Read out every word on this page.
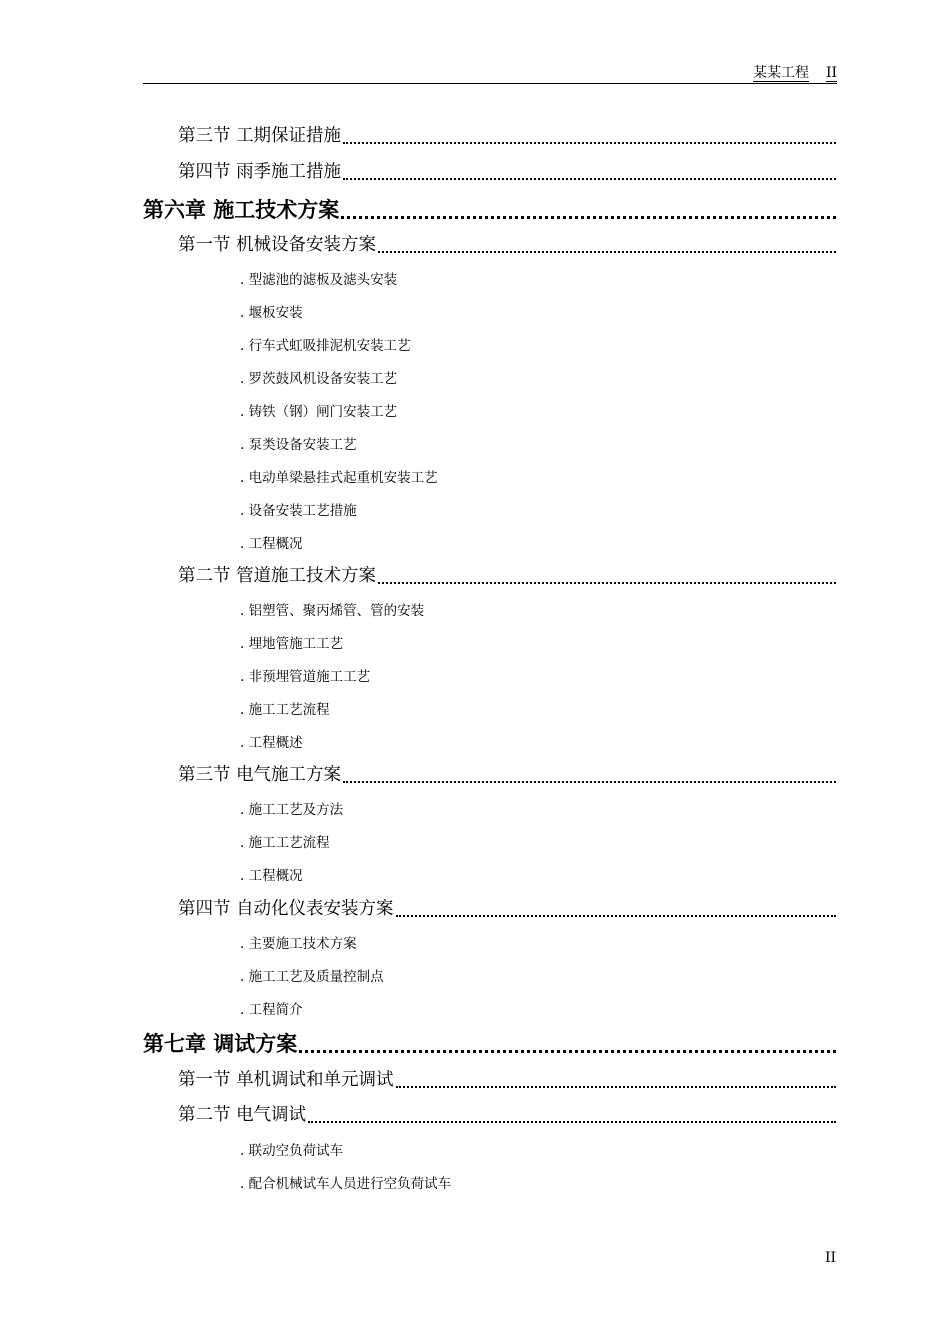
某某工程 II
第三节 工期保证措施
第四节 雨季施工措施
第六章 施工技术方案
第一节 机械设备安装方案
. 型滤池的滤板及滤头安装
. 堰板安装
. 行车式虹吸排泥机安装工艺
. 罗茨鼓风机设备安装工艺
. 铸铁（钢）闸门安装工艺
. 泵类设备安装工艺
. 电动单梁悬挂式起重机安装工艺
. 设备安装工艺措施
. 工程概况
第二节 管道施工技术方案
. 铝塑管、聚丙烯管、管的安装
. 埋地管施工工艺
. 非预埋管道施工工艺
. 施工工艺流程
. 工程概述
第三节 电气施工方案
. 施工工艺及方法
. 施工工艺流程
. 工程概况
第四节 自动化仪表安装方案
. 主要施工技术方案
. 施工工艺及质量控制点
. 工程简介
第七章 调试方案
第一节 单机调试和单元调试
第二节 电气调试
. 联动空负荷试车
. 配合机械试车人员进行空负荷试车
II
